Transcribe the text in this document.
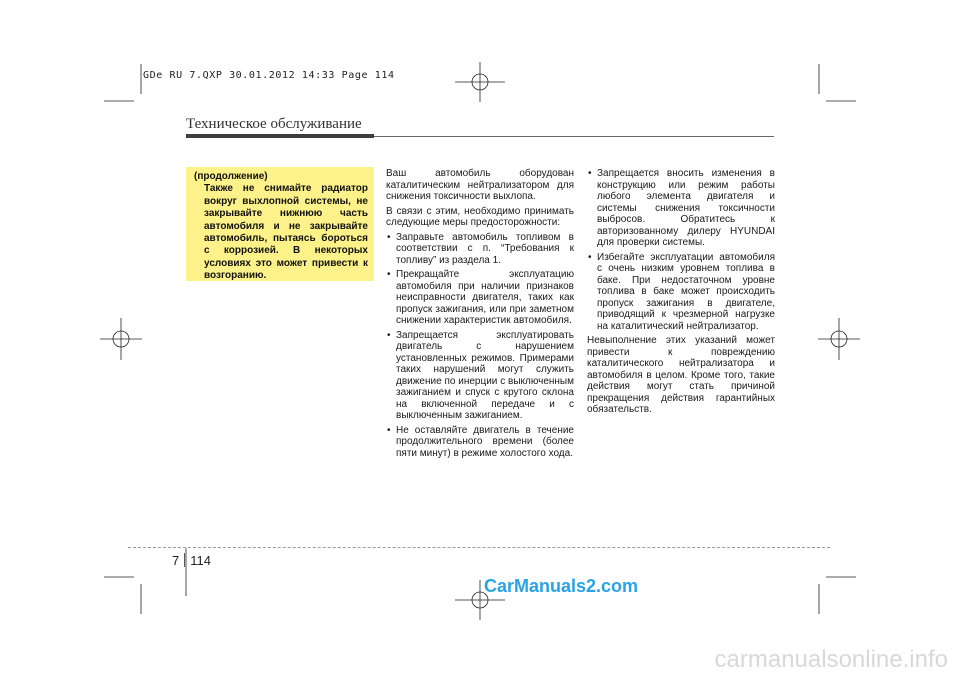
GDe RU 7.QXP 30.01.2012 14:33 Page 114
Техническое обслуживание
(продолжение)
Также не снимайте радиатор вокруг выхлопной системы, не закрывайте нижнюю часть автомобиля и не закрывайте автомобиль, пытаясь бороться с коррозией. В некоторых условиях это может привести к возгоранию.

Ваш автомобиль оборудован каталитическим нейтрализатором для снижения токсичности выхлопа.

В связи с этим, необходимо принимать следующие меры предосторожности:

• Заправьте автомобиль топливом в соответствии с п. “Требования к топливу” из раздела 1.
• Прекращайте эксплуатацию автомобиля при наличии признаков неисправности двигателя, таких как пропуск зажигания, или при заметном снижении характеристик автомобиля.
• Запрещается эксплуатировать двигатель с нарушением установленных режимов. Примерами таких нарушений могут служить движение по инерции с выключенным зажиганием и спуск с крутого склона на включенной передаче и с выключенным зажиганием.
• Не оставляйте двигатель в течение продолжительного времени (более пяти минут) в режиме холостого хода.
• Запрещается вносить изменения в конструкцию или режим работы любого элемента двигателя и системы снижения токсичности выбросов. Обратитесь к авторизованному дилеру HYUNDAI для проверки системы.
• Избегайте эксплуатации автомобиля с очень низким уровнем топлива в баке. При недостаточном уровне топлива в баке может происходить пропуск зажигания в двигателе, приводящий к чрезмерной нагрузке на каталитический нейтрализатор.

Невыполнение этих указаний может привести к повреждению каталитического нейтрализатора и автомобиля в целом. Кроме того, такие действия могут стать причиной прекращения действия гарантийных обязательств.

7 114
CarManuals2.com
carmanualsonline.info
